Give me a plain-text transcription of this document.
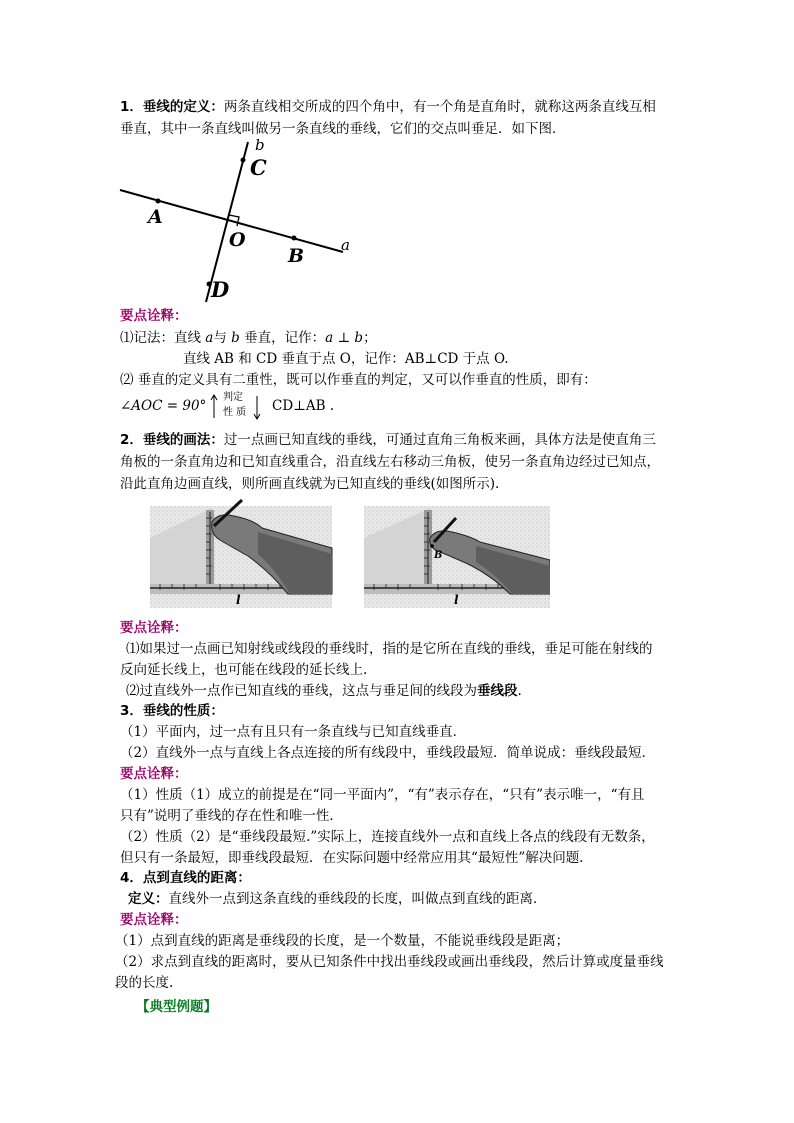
1．垂线的定义：两条直线相交所成的四个角中，有一个角是直角时，就称这两条直线互相
垂直，其中一条直线叫做另一条直线的垂线，它们的交点叫垂足．如下图．
b
C
A
O
B a
D
要点诠释：
⑴记法：直线 a与 b 垂直，记作：a ⊥ b；
直线 AB 和 CD 垂直于点 O，记作：AB⊥CD 于点 O.
⑵ 垂直的定义具有二重性，既可以作垂直的判定，又可以作垂直的性质，即有：
∠AOC = 90°
判定
性 质 CD⊥AB .
2．垂线的画法：过一点画已知直线的垂线，可通过直角三角板来画，具体方法是使直角三
角板的一条直角边和已知直线重合，沿直线左右移动三角板，使另一条直角边经过已知点，
沿此直角边画直线，则所画直线就为已知直线的垂线(如图所示).
l
B
l
要点诠释：
⑴如果过一点画已知射线或线段的垂线时，指的是它所在直线的垂线，垂足可能在射线的
反向延长线上，也可能在线段的延长线上.
⑵过直线外一点作已知直线的垂线，这点与垂足间的线段为垂线段.
3．垂线的性质：
（1）平面内，过一点有且只有一条直线与已知直线垂直．
（2）直线外一点与直线上各点连接的所有线段中，垂线段最短．简单说成：垂线段最短．
要点诠释：
（1）性质（1）成立的前提是在“同一平面内”，“有”表示存在，“只有”表示唯一，“有且
只有”说明了垂线的存在性和唯一性．
（2）性质（2）是“垂线段最短.”实际上，连接直线外一点和直线上各点的线段有无数条，
但只有一条最短，即垂线段最短．在实际问题中经常应用其“最短性”解决问题．
4．点到直线的距离：
定义：直线外一点到这条直线的垂线段的长度，叫做点到直线的距离．
要点诠释：
（1）点到直线的距离是垂线段的长度，是一个数量，不能说垂线段是距离；
（2）求点到直线的距离时，要从已知条件中找出垂线段或画出垂线段，然后计算或度量垂线
段的长度.
【典型例题】
